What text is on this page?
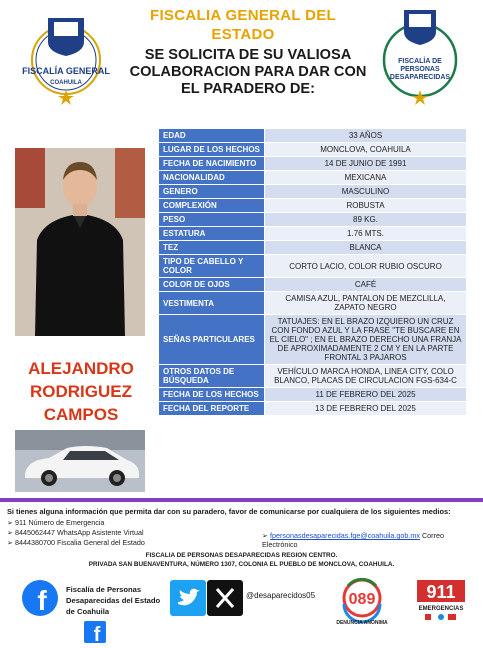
FISCALÍA GENERAL
COAHUILA
FISCALÍA DE PERSONAS DESAPARECIDAS
FISCALIA GENERAL DEL ESTADO
SE SOLICITA DE SU VALIOSA COLABORACION PARA DAR CON EL PARADERO DE:
ALEJANDRO
RODRIGUEZ
CAMPOS
EDAD	33 AÑOS
LUGAR DE LOS HECHOS	MONCLOVA, COAHUILA
FECHA DE NACIMIENTO	14 DE JUNIO DE 1991
NACIONALIDAD	MEXICANA
GENERO	MASCULINO
COMPLEXIÓN	ROBUSTA
PESO	89 KG.
ESTATURA	1.76 MTS.
TEZ	BLANCA
TIPO DE CABELLO Y COLOR	CORTO LACIO, COLOR RUBIO OSCURO
COLOR DE OJOS	CAFÉ
VESTIMENTA	CAMISA AZUL, PANTALON DE MEZCLILLA, ZAPATO NEGRO
SEÑAS PARTICULARES	TATUAJES: EN EL BRAZO IZQUIERO UN CRUZ CON FONDO AZUL Y LA FRASE "TE BUSCARE EN EL CIELO" ; EN EL BRAZO DERECHO UNA FRANJA DE APROXIMADAMENTE 2 CM Y EN LA PARTE FRONTAL 3 PAJAROS
OTROS DATOS DE BÚSQUEDA	VEHÍCULO MARCA HONDA, LINEA CITY, COLO BLANCO, PLACAS DE CIRCULACION FGS-634-C
FECHA DE LOS HECHOS	11 DE FEBRERO DEL 2025
FECHA DEL REPORTE	13 DE FEBRERO DEL 2025
Si tienes alguna información que permita dar con su paradero, favor de comunicarse por cualquiera de los siguientes medios:
➢ 911 Número de Emergencia
➢ 8445062447 WhatsApp Asistente Virtual
➢ 8444380700 Fiscalia General del Estado
➢ fpersonasdesaparecidas.fge@coahuila.gob.mx Correo Electrónico
FISCALIA DE PERSONAS DESAPARECIDAS REGION CENTRO.
PRIVADA SAN BUENAVENTURA, NÚMERO 1307, COLONIA EL PUEBLO DE MONCLOVA, COAHUILA.
f	Fiscalía de Personas Desaparecidas del Estado de Coahuila
f
@desaparecidos05 089
DENUNCIA ANÓNIMA
911
EMERGENCIAS
